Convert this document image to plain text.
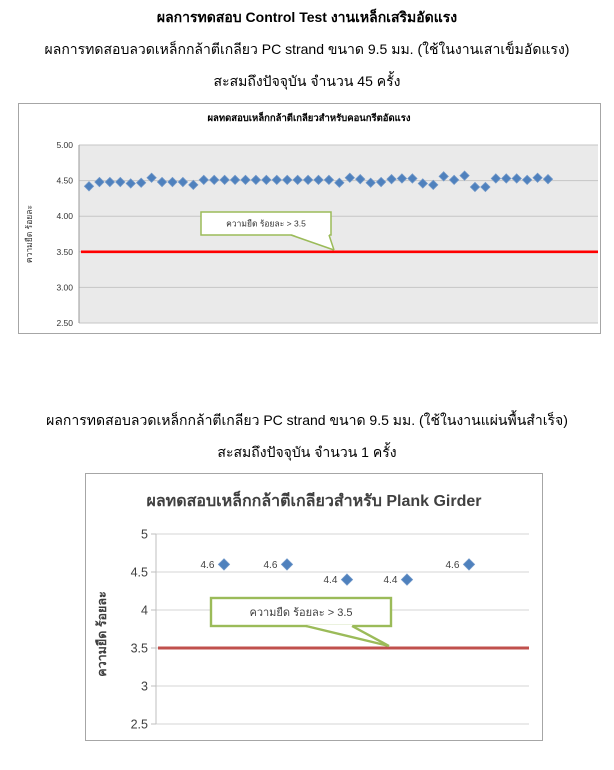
ผลการทดสอบ Control Test งานเหล็กเสริมอัดแรง
ผลการทดสอบลวดเหล็กกล้าตีเกลียว PC strand ขนาด 9.5 มม. (ใช้ในงานเสาเข็มอัดแรง)
สะสมถึงปัจจุบัน จำนวน 45 ครั้ง
5.00
4.50
4.00
3.50
3.00
2.50
ผลทดสอบเหล็กกล้าตีเกลียวสำหรับคอนกรีตอัดแรง
ความยืด ร้อยละ	ความยืด ร้อยละ > 3.5
ผลการทดสอบลวดเหล็กกล้าตีเกลียว PC strand ขนาด 9.5 มม. (ใช้ในงานแผ่นพื้นสำเร็จ)
สะสมถึงปัจจุบัน จำนวน 1 ครั้ง
5
4.5
4
3.5
3
2.5
ผลทดสอบเหล็กกล้าตีเกลียวสำหรับ Plank Girder
ความยืด ร้อยละ
4.6	4.6
4.4	4.4
4.6
ความยืด ร้อยละ > 3.5
